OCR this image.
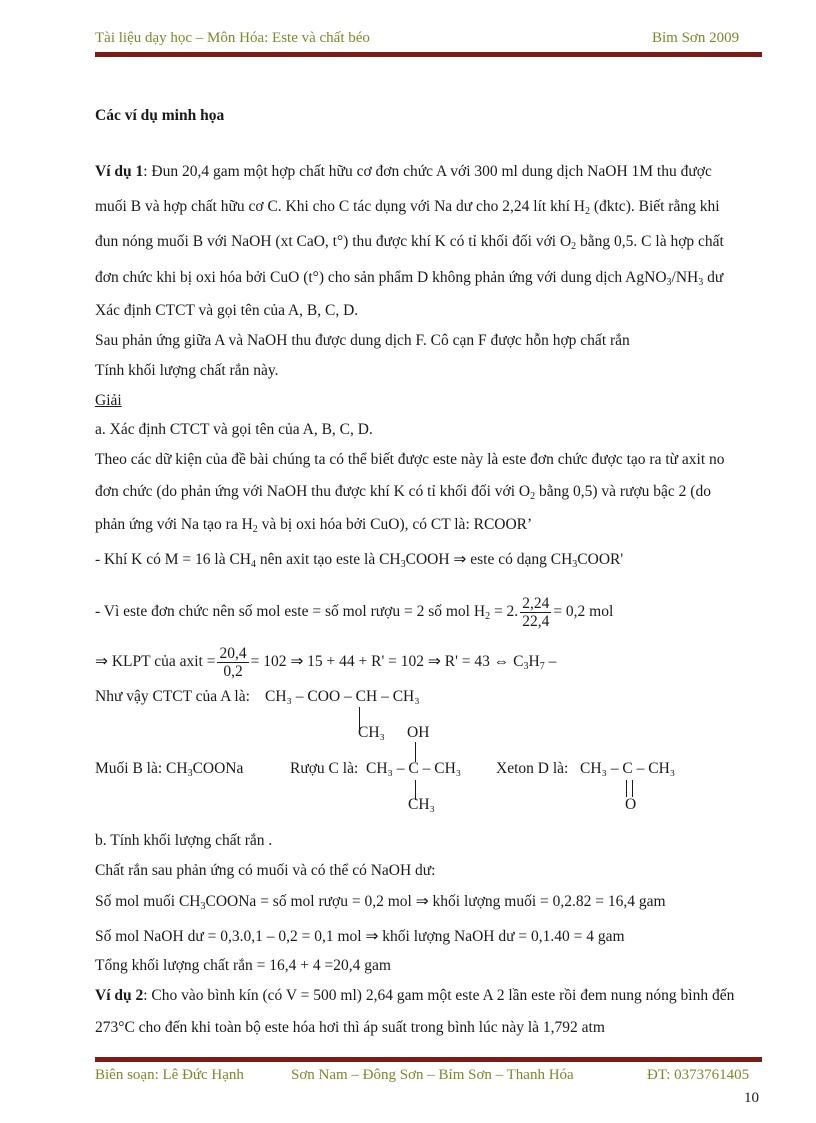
Tài liệu dạy học – Môn Hóa: Este và chất béo	Bỉm Sơn 2009
Các ví dụ minh họa
Ví dụ 1: Đun 20,4 gam một hợp chất hữu cơ đơn chức A với 300 ml dung dịch NaOH 1M thu được
muối B và hợp chất hữu cơ C. Khi cho C tác dụng với Na dư cho 2,24 lít khí $H_2$ (đktc). Biết rằng khi
đun nóng muối B với NaOH (xt CaO, t°) thu được khí K có tỉ khối đối với $O_2$ bằng 0,5. C là hợp chất
đơn chức khi bị oxi hóa bởi CuO (t°) cho sản phẩm D không phản ứng với dung dịch $AgNO_3/NH_3$ dư
Xác định CTCT và gọi tên của A, B, C, D.
Sau phản ứng giữa A và NaOH thu được dung dịch F. Cô cạn F được hỗn hợp chất rắn
Tính khối lượng chất rắn này.
Giải
a. Xác định CTCT và gọi tên của A, B, C, D.
Theo các dữ kiện của đề bài chúng ta có thể biết được este này là este đơn chức được tạo ra từ axit no
đơn chức (do phản ứng với NaOH thu được khí K có tỉ khối đối với $O_2$ bằng 0,5) và rượu bậc 2 (do
phản ứng với Na tạo ra $H_2$ và bị oxi hóa bởi CuO), có CT là: RCOOR’
- Khí K có M = 16 là $CH_4$ nên axit tạo este là $CH_3COOH$ ⇒ este có dạng $CH_3COOR'$
- Vì este đơn chức nên số mol este = số mol rượu = 2 số mol $H_2 = 2$. $\frac{2,24}{22,4} = 0,2$ mol
⇒ KLPT của axit = $\frac{20,4}{0,2} = 102$ ⇒ 15 + 44 + R' = 102 ⇒ R' = 43 ⇔ $C_3H_7$ –
Như vậy CTCT của A là: CH₃ – COO – CH – CH₃
CH₃ OH
Muối B là: $CH_3COONa$	Rượu C là: CH₃ – C – CH₃
CH₃
Xeton D là: CH₃ – C – CH₃
O
b. Tính khối lượng chất rắn .
Chất rắn sau phản ứng có muối và có thể có NaOH dư:
Số mol muối $CH_3COONa$ = số mol rượu = 0,2 mol ⇒ khối lượng muối = 0,2.82 = 16,4 gam
Số mol NaOH dư = 0,3.0,1 – 0,2 = 0,1 mol ⇒ khối lượng NaOH dư = 0,1.40 = 4 gam
Tổng khối lượng chất rắn = 16,4 + 4 =20,4 gam
Ví dụ 2: Cho vào bình kín (có V = 500 ml) 2,64 gam một este A 2 lần este rồi đem nung nóng bình đến
273°C cho đến khi toàn bộ este hóa hơi thì áp suất trong bình lúc này là 1,792 atm
Biên soạn: Lê Đức Hạnh	Sơn Nam – Đông Sơn – Bỉm Sơn – Thanh Hóa	ĐT: 0373761405
10
